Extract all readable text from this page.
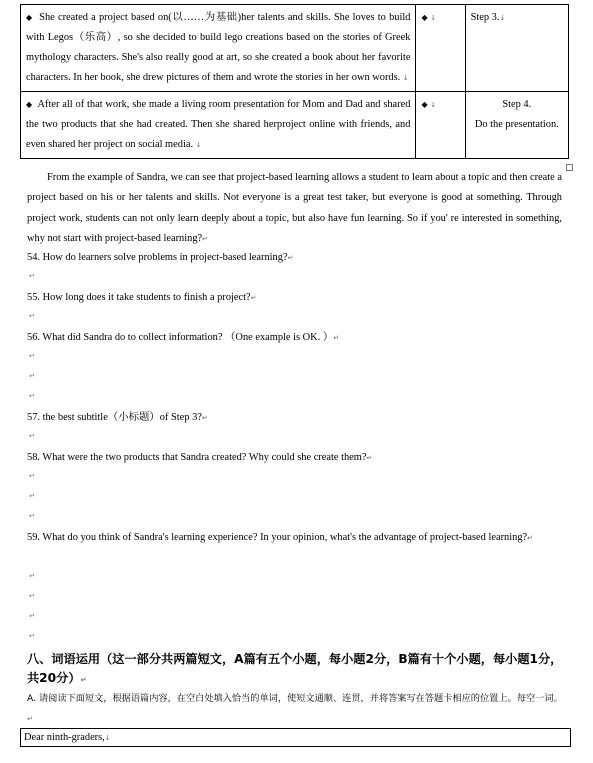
◆ She created a project based on(以……为基础)her talents and skills. She loves to build with Legos（乐高）, so she decided to build lego creations based on the stories of Greek mythology characters. She's also really good at art, so she created a book about her favorite characters. In her book, she drew pictures of them and wrote the stories in her own words. ↓	◆ ↓	Step 3.↓
◆ After all of that work, she made a living room presentation for Mom and Dad and shared the two products that she had created. Then she shared herproject online with friends, and even shared her project on social media. ↓	◆ ↓	Step 4.
Do the presentation.
From the example of Sandra, we can see that project-based learning allows a student to learn about a topic and then create a project based on his or her talents and skills. Not everyone is a great test taker, but everyone is good at something. Through project work, students can not only learn deeply about a topic, but also have fun learning. So if you' re interested in something, why not start with project-based learning?↵
54. How do learners solve problems in project-based learning?↵
↵
55. How long does it take students to finish a project?↵
↵
56. What did Sandra do to collect information? （One example is OK. ）↵
↵
↵
↵
57. the best subtitle（小标题）of Step 3?↵
↵
58. What were the two products that Sandra created? Why could she create them?↵
↵
↵
↵
59. What do you think of Sandra's learning experience? In your opinion, what's the advantage of project-based learning?↵
↵
↵
↵
↵
八、词语运用（这一部分共两篇短文，A篇有五个小题，每小题2分，B篇有十个小题，每小题1分，共20分）↵
A. 请阅读下面短文，根据语篇内容，在空白处填入恰当的单词，使短文通顺、连贯，并将答案写在答题卡相应的位置上。每空一词。↵
Dear ninth-graders,↓
